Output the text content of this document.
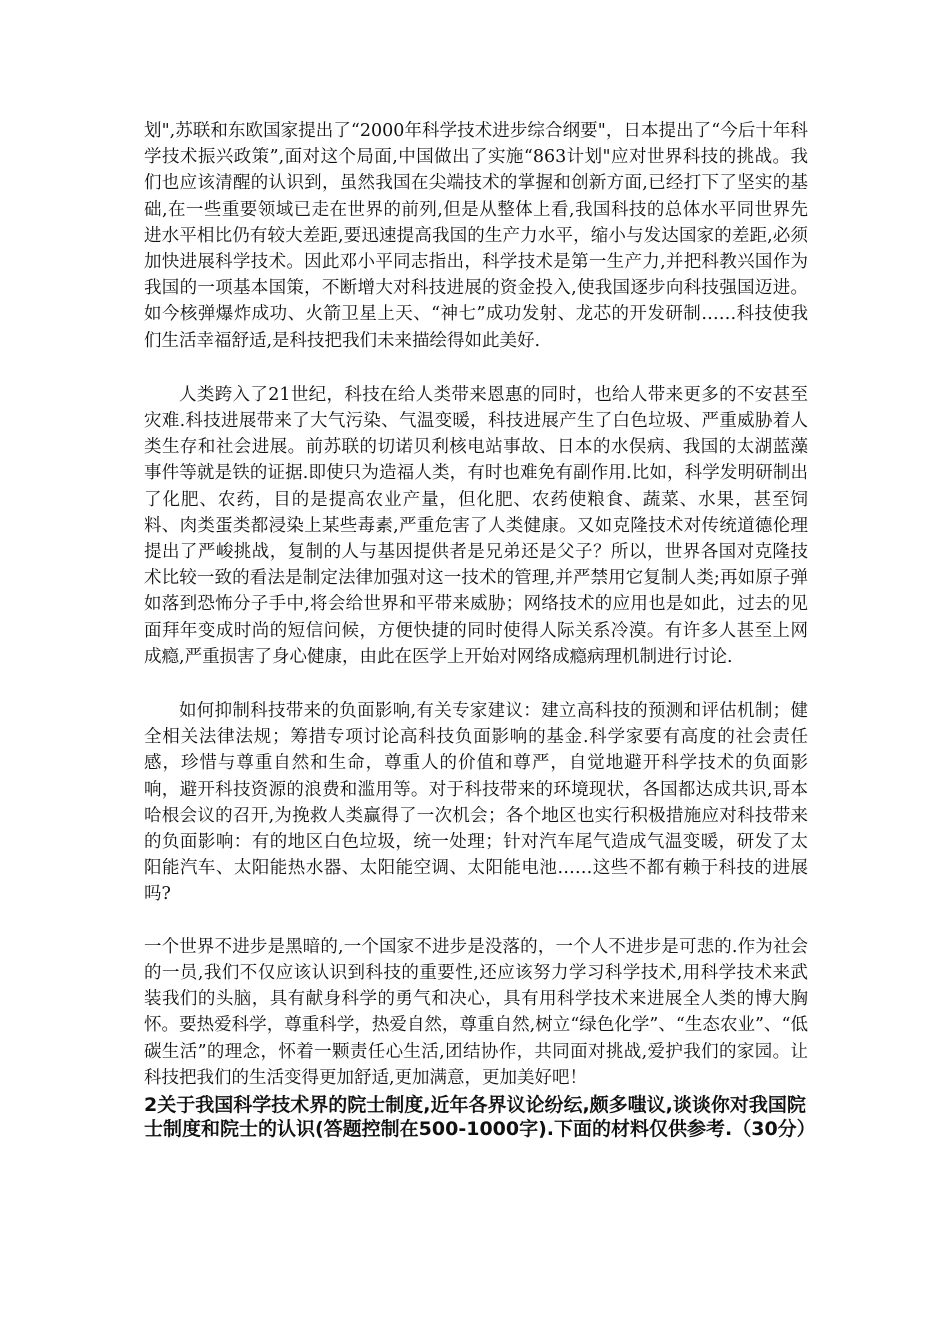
划",苏联和东欧国家提出了“2000年科学技术进步综合纲要"，日本提出了“今后十年科学技术振兴政策”,面对这个局面,中国做出了实施“863计划"应对世界科技的挑战。我们也应该清醒的认识到，虽然我国在尖端技术的掌握和创新方面,已经打下了坚实的基础,在一些重要领域已走在世界的前列,但是从整体上看,我国科技的总体水平同世界先进水平相比仍有较大差距,要迅速提高我国的生产力水平，缩小与发达国家的差距,必须加快进展科学技术。因此邓小平同志指出，科学技术是第一生产力,并把科教兴国作为我国的一项基本国策，不断增大对科技进展的资金投入,使我国逐步向科技强国迈进。如今核弹爆炸成功、火箭卫星上天、“神七”成功发射、龙芯的开发研制……科技使我们生活幸福舒适,是科技把我们未来描绘得如此美好.

人类跨入了21世纪，科技在给人类带来恩惠的同时，也给人带来更多的不安甚至灾难.科技进展带来了大气污染、气温变暖，科技进展产生了白色垃圾、严重威胁着人类生存和社会进展。前苏联的切诺贝利核电站事故、日本的水俣病、我国的太湖蓝藻事件等就是铁的证据.即使只为造福人类，有时也难免有副作用.比如，科学发明研制出了化肥、农药，目的是提高农业产量，但化肥、农药使粮食、蔬菜、水果，甚至饲料、肉类蛋类都浸染上某些毒素,严重危害了人类健康。又如克隆技术对传统道德伦理提出了严峻挑战，复制的人与基因提供者是兄弟还是父子？所以，世界各国对克隆技术比较一致的看法是制定法律加强对这一技术的管理,并严禁用它复制人类;再如原子弹如落到恐怖分子手中,将会给世界和平带来威胁；网络技术的应用也是如此，过去的见面拜年变成时尚的短信问候，方便快捷的同时使得人际关系冷漠。有许多人甚至上网成瘾,严重损害了身心健康，由此在医学上开始对网络成瘾病理机制进行讨论.

如何抑制科技带来的负面影响,有关专家建议：建立高科技的预测和评估机制；健全相关法律法规；筹措专项讨论高科技负面影响的基金.科学家要有高度的社会责任感，珍惜与尊重自然和生命，尊重人的价值和尊严，自觉地避开科学技术的负面影响，避开科技资源的浪费和滥用等。对于科技带来的环境现状，各国都达成共识,哥本哈根会议的召开,为挽救人类赢得了一次机会；各个地区也实行积极措施应对科技带来的负面影响：有的地区白色垃圾，统一处理；针对汽车尾气造成气温变暖，研发了太阳能汽车、太阳能热水器、太阳能空调、太阳能电池……这些不都有赖于科技的进展吗?

一个世界不进步是黑暗的,一个国家不进步是没落的，一个人不进步是可悲的.作为社会的一员,我们不仅应该认识到科技的重要性,还应该努力学习科学技术,用科学技术来武装我们的头脑，具有献身科学的勇气和决心，具有用科学技术来进展全人类的博大胸怀。要热爱科学，尊重科学，热爱自然，尊重自然,树立“绿色化学”、“生态农业”、“低碳生活”的理念，怀着一颗责任心生活,团结协作，共同面对挑战,爱护我们的家园。让科技把我们的生活变得更加舒适,更加满意，更加美好吧！

2关于我国科学技术界的院士制度,近年各界议论纷纭,颇多嗤议,谈谈你对我国院士制度和院士的认识(答题控制在500-1000字).下面的材料仅供参考.（30分）
